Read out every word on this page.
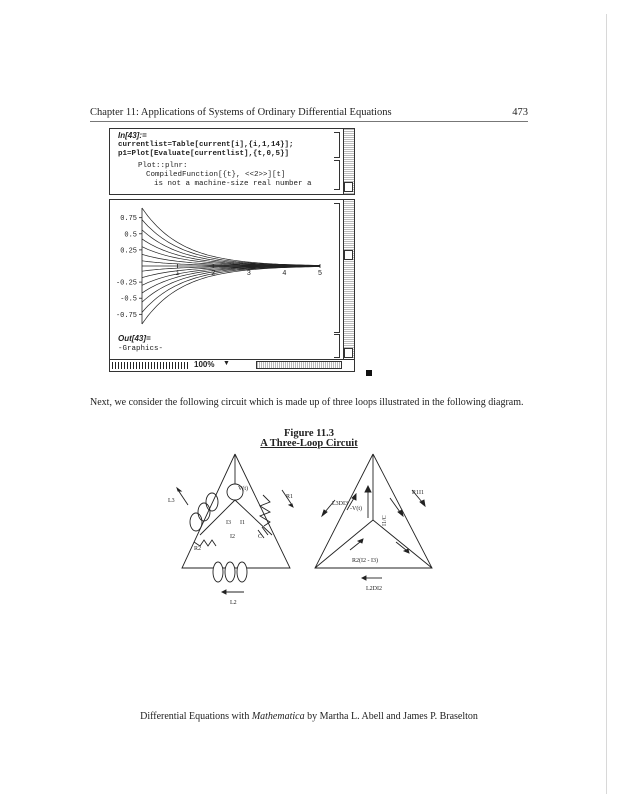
Chapter 11: Applications of Systems of Ordinary Differential Equations	473
In[43]:=
currentlist=Table[current[i],{i,1,14}];
p1=Plot[Evaluate[currentlist],{t,0,5}]
Plot::plnr:
CompiledFunction[{t}, <<2>>][t]
is not a machine-size real number a
0.75
0.5
0.25
-0.25
-0.5
-0.75
1	2	3	4	5
Out[43]=
-Graphics-
100% ▼
Next, we consider the following circuit which is made up of three loops illustrated in the following diagram.
Figure 11.3
A Three-Loop Circuit
L3
V(t)
R1
I3 I1
I2	C
R2
L2
R1I1
L3DI3
-V(t)
I1/C
R2(I2 - I3)
L2DI2
Differential Equations with Mathematica by Martha L. Abell and James P. Braselton
